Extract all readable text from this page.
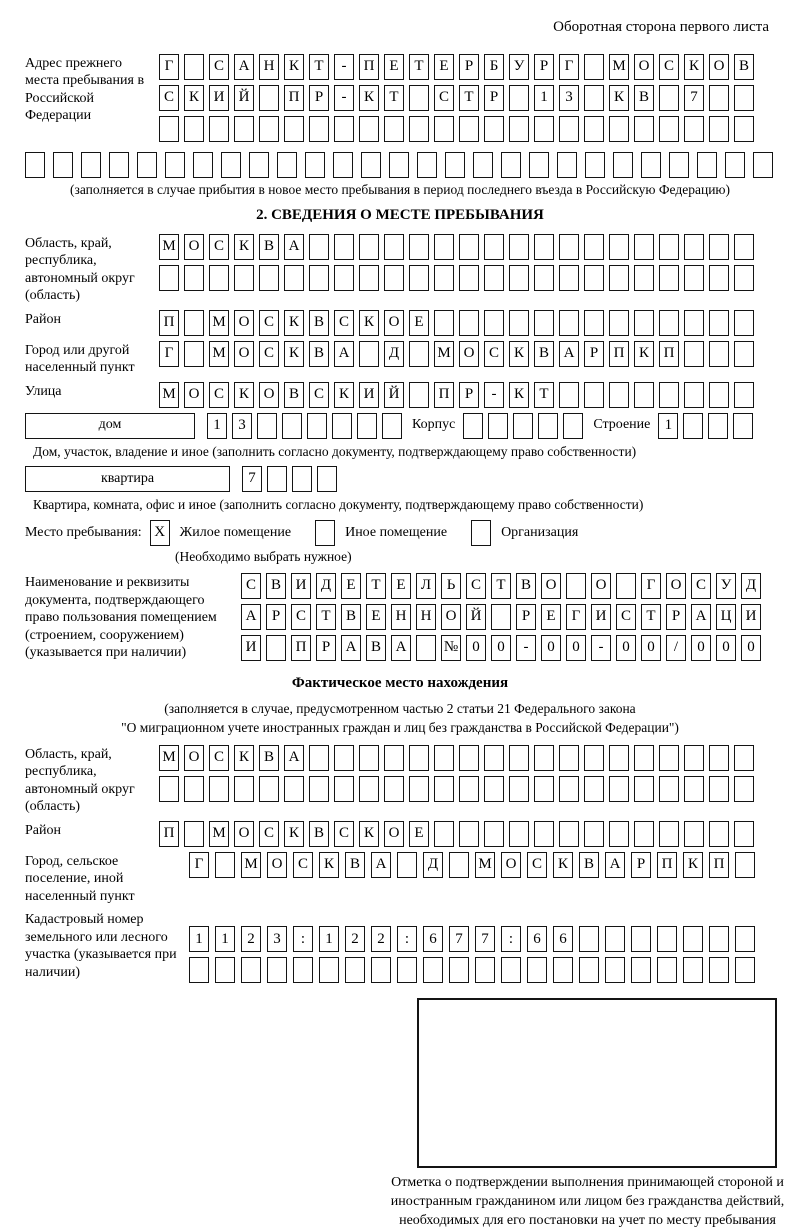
Оборотная сторона первого листа
Адрес прежнего места пребывания в Российской Федерации
Г	С А Н К	Т	-	П Е	Т	Е	Р	Б	У	Р	Г	М О С К О В
С К И Й	П	Р	-	К	Т	С	Т	Р	1	3	К В	7
(заполняется в случае прибытия в новое место пребывания в период последнего въезда в Российскую Федерацию)
2. СВЕДЕНИЯ О МЕСТЕ ПРЕБЫВАНИЯ
Область, край, республика, автономный округ (область)
М О С К В А
Район	П	М О С К В С К О Е
Город или другой населенный пункт
Г	М О С К В А	Д	М О С К В А	Р	П К П
Улица	М О С К О В С К И Й	П	Р	-	К	Т
дом	1	3	Корпус	Строение 1
Дом, участок, владение и иное (заполнить согласно документу, подтверждающему право собственности)
квартира	7
Квартира, комната, офис и иное (заполнить согласно документу, подтверждающему право собственности)
Место пребывания: X	Жилое помещение	Иное помещение	Организация
(Необходимо выбрать нужное)
Наименование и реквизиты документа, подтверждающего право пользования помещением (строением, сооружением) (указывается при наличии)
С В И Д	Е	Т	Е	Л	Ь	С	Т	В О	О	Г	О С У Д
А	Р	С	Т	В	Е	Н Н О Й	Р	Е	Г	И С	Т	Р	А Ц И
И	П	Р	А В А	№ 0	0	-	0	0	-	0	0	/	0	0	0
Фактическое место нахождения
(заполняется в случае, предусмотренном частью 2 статьи 21 Федерального закона
"О миграционном учете иностранных граждан и лиц без гражданства в Российской Федерации")
Область, край, республика, автономный округ (область)
М О С К В А
Район	П	М О С К В С К О Е
Город, сельское поселение, иной населенный пункт
Г	М О	С	К	В	А	Д	М О	С	К	В	А	Р	П	К	П
Кадастровый номер земельного или лесного участка (указывается при наличии)
1	1	2	3	:	1	2	2	:	6	7	7	:	6	6
Отметка о подтверждении выполнения принимающей стороной и иностранным гражданином или лицом без гражданства действий, необходимых для его постановки на учет по месту пребывания
